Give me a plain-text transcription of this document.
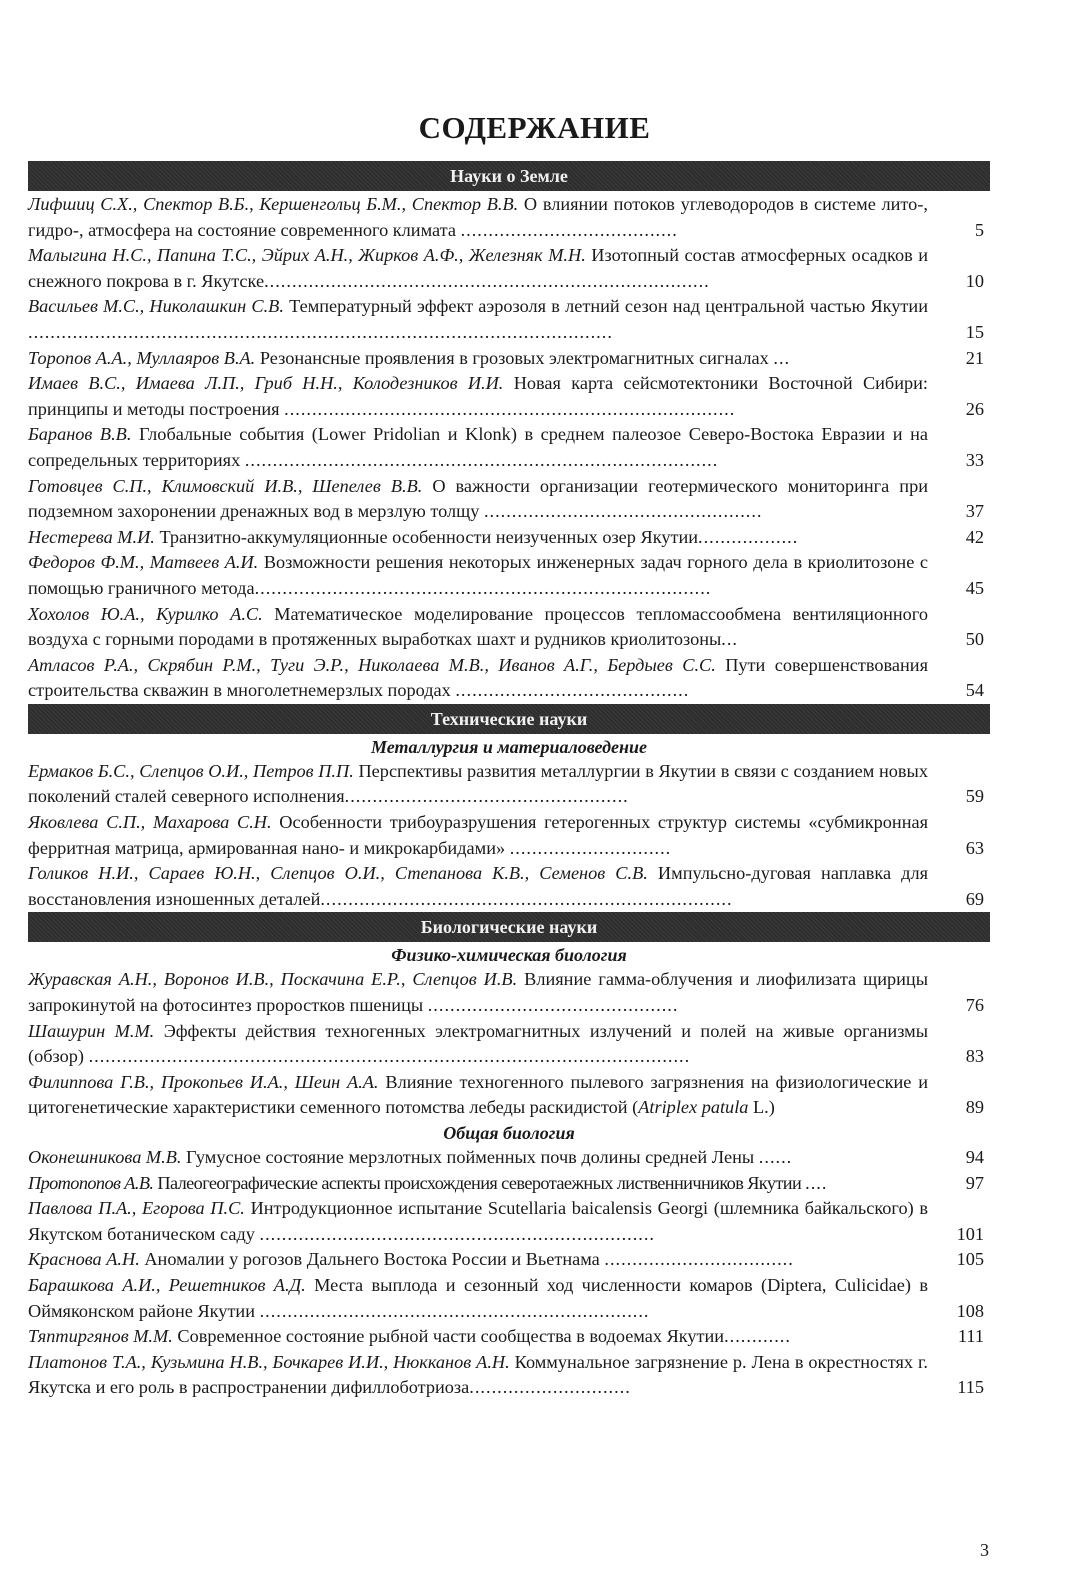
СОДЕРЖАНИЕ
Науки о Земле
Лифшиц С.Х., Спектор В.Б., Кершенгольц Б.М., Спектор В.В. О влиянии потоков углеводородов в системе лито-, гидро-, атмосфера на состояние современного климата .......................................	5
Малыгина Н.С., Папина Т.С., Эйрих А.Н., Жирков А.Ф., Железняк М.Н. Изотопный состав атмосферных осадков и снежного покрова в г. Якутске................................................................................	10
Васильев М.С., Николашкин С.В. Температурный эффект аэрозоля в летний сезон над центральной частью Якутии .........................................................................................................	15
Торопов А.А., Муллаяров В.А. Резонансные проявления в грозовых электромагнитных сигналах ...	21
Имаев В.С., Имаева Л.П., Гриб Н.Н., Колодезников И.И. Новая карта сейсмотектоники Восточной Сибири: принципы и методы построения .................................................................................	26
Баранов В.В. Глобальные события (Lower Pridolian и Klonk) в среднем палеозое Северо-Востока Евразии и на сопредельных территориях .....................................................................................	33
Готовцев С.П., Климовский И.В., Шепелев В.В. О важности организации геотермического мониторинга при подземном захоронении дренажных вод в мерзлую толщу ..................................................	37
Нестерева М.И. Транзитно-аккумуляционные особенности неизученных озер Якутии..................	42
Федоров Ф.М., Матвеев А.И. Возможности решения некоторых инженерных задач горного дела в криолитозоне с помощью граничного метода..................................................................................	45
Хохолов Ю.А., Курилко А.С. Математическое моделирование процессов тепломассообмена вентиляционного воздуха с горными породами в протяженных выработках шахт и рудников криолитозоны...	50
Атласов Р.А., Скрябин Р.М., Туги Э.Р., Николаева М.В., Иванов А.Г., Бердыев С.С. Пути совершенствования строительства скважин в многолетнемерзлых породах ..........................................	54
Технические науки
Металлургия и материаловедение
Ермаков Б.С., Слепцов О.И., Петров П.П. Перспективы развития металлургии в Якутии в связи с созданием новых поколений сталей северного исполнения...................................................	59
Яковлева С.П., Махарова С.Н. Особенности трибоуразрушения гетерогенных структур системы «субмикронная ферритная матрица, армированная нано- и микрокарбидами» .............................	63
Голиков Н.И., Сараев Ю.Н., Слепцов О.И., Степанова К.В., Семенов С.В. Импульсно-дуговая наплавка для восстановления изношенных деталей..........................................................................	69
Биологические науки
Физико-химическая биология
Журавская А.Н., Воронов И.В., Поскачина Е.Р., Слепцов И.В. Влияние гамма-облучения и лиофилизата щирицы запрокинутой на фотосинтез проростков пшеницы .............................................	76
Шашурин М.М. Эффекты действия техногенных электромагнитных излучений и полей на живые организмы (обзор) ............................................................................................................	83
Филиппова Г.В., Прокопьев И.А., Шеин А.А. Влияние техногенного пылевого загрязнения на физиологические и цитогенетические характеристики семенного потомства лебеды раскидистой (Atriplex patula L.)	89
Общая биология
Оконешникова М.В. Гумусное состояние мерзлотных пойменных почв долины средней Лены ......	94
Протопопов А.В. Палеогеографические аспекты происхождения северотаежных лиственничников Якутии ....	97
Павлова П.А., Егорова П.С. Интродукционное испытание Scutellaria baicalensis Georgi (шлемника байкальского) в Якутском ботаническом саду .......................................................................	101
Краснова А.Н. Аномалии у рогозов Дальнего Востока России и Вьетнама ..................................	105
Барашкова А.И., Решетников А.Д. Места выплода и сезонный ход численности комаров (Diptera, Culicidae) в Оймяконском районе Якутии ......................................................................	108
Тяптиргянов М.М. Современное состояние рыбной части сообщества в водоемах Якутии............	111
Платонов Т.А., Кузьмина Н.В., Бочкарев И.И., Нюкканов А.Н. Коммунальное загрязнение р. Лена в окрестностях г. Якутска и его роль в распространении дифиллоботриоза.............................	115
3
